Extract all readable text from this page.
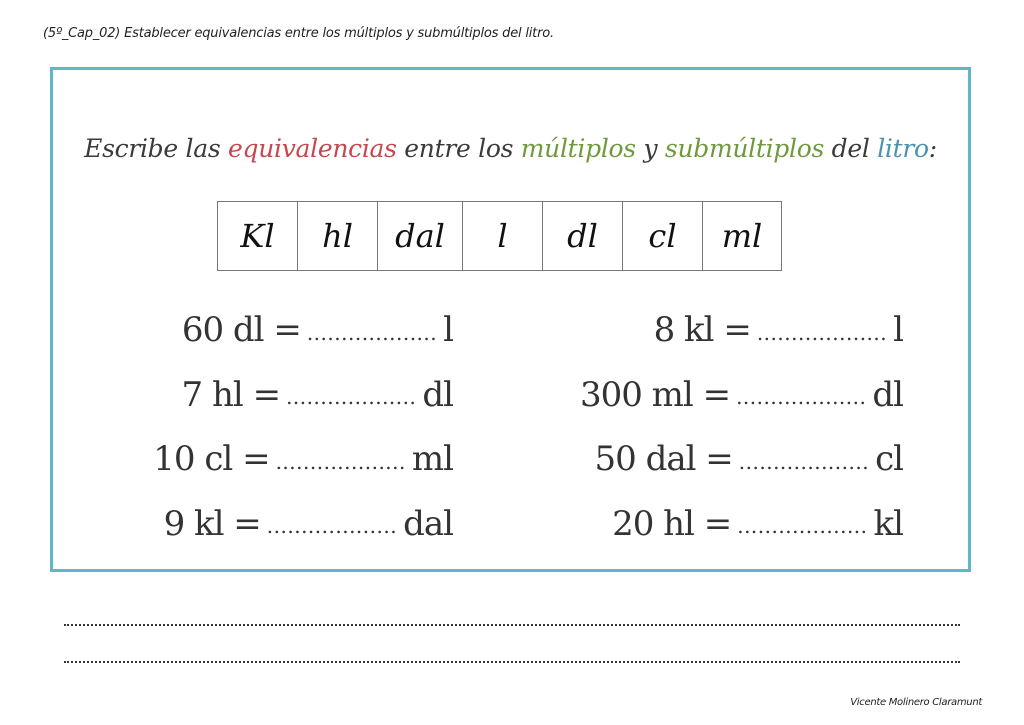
(5º_Cap_02) Establecer equivalencias entre los múltiplos y submúltiplos del litro.
Escribe las equivalencias entre los múltiplos y submúltiplos del litro:
Kl	hl	dal	l	dl	cl	ml
60 dl = ................... l
7 hl = ................... dl
10 cl = ................... ml
9 kl = ................... dal
8 kl = ................... l
300 ml = ................... dl
50 dal = ................... cl
20 hl = ................... kl
Vicente Molinero Claramunt
